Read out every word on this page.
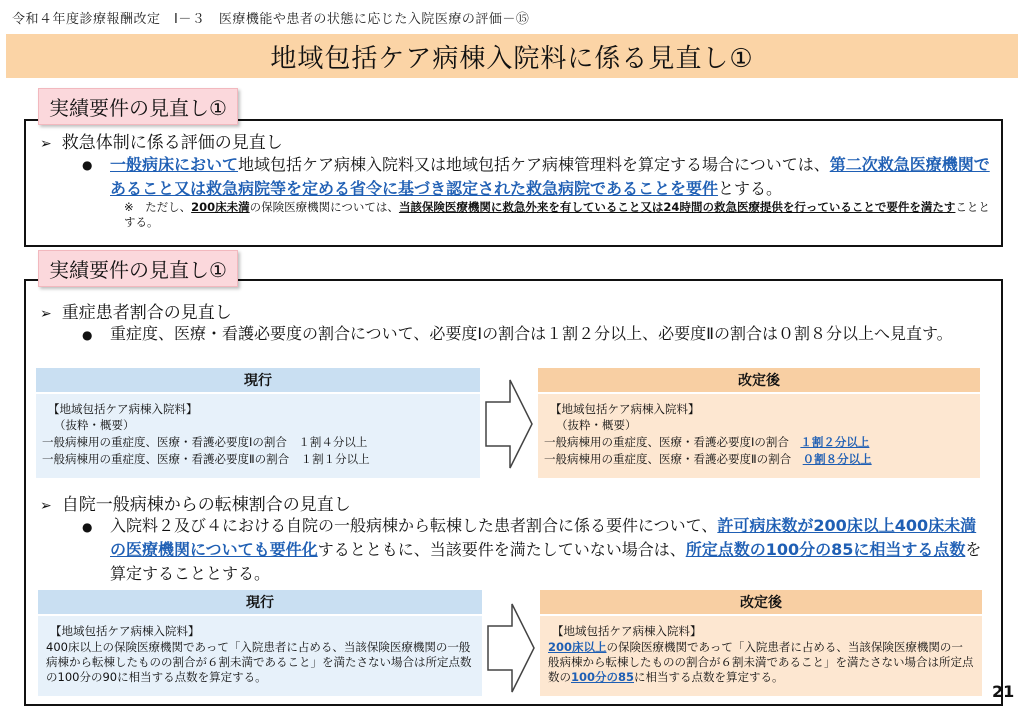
令和４年度診療報酬改定　Ⅰ－３　医療機能や患者の状態に応じた入院医療の評価－⑮
地域包括ケア病棟入院料に係る見直し①
実績要件の見直し①
➢ 救急体制に係る評価の見直し
● 一般病床において地域包括ケア病棟入院料又は地域包括ケア病棟管理料を算定する場合については、第二次救急医療機関であること又は救急病院等を定める省令に基づき認定された救急病院であることを要件とする。
※　ただし、200床未満の保険医療機関については、当該保険医療機関に救急外来を有していること又は24時間の救急医療提供を行っていることで要件を満たすこととする。
実績要件の見直し①
➢ 重症患者割合の見直し
● 重症度、医療・看護必要度の割合について、必要度Ⅰの割合は１割２分以上、必要度Ⅱの割合は０割８分以上へ見直す。
現行
【地域包括ケア病棟入院料】
（抜粋・概要）
一般病棟用の重症度、医療・看護必要度Ⅰの割合　１割４分以上
一般病棟用の重症度、医療・看護必要度Ⅱの割合　１割１分以上
改定後
【地域包括ケア病棟入院料】
（抜粋・概要）
一般病棟用の重症度、医療・看護必要度Ⅰの割合　１割２分以上
一般病棟用の重症度、医療・看護必要度Ⅱの割合　０割８分以上
➢ 自院一般病棟からの転棟割合の見直し
● 入院料２及び４における自院の一般病棟から転棟した患者割合に係る要件について、許可病床数が200床以上400床未満の医療機関についても要件化するとともに、当該要件を満たしていない場合は、所定点数の100分の85に相当する点数を算定することとする。
現行
【地域包括ケア病棟入院料】
400床以上の保険医療機関であって「入院患者に占める、当該保険医療機関の一般病棟から転棟したものの割合が６割未満であること」を満たさない場合は所定点数の100分の90に相当する点数を算定する。
改定後
【地域包括ケア病棟入院料】
200床以上の保険医療機関であって「入院患者に占める、当該保険医療機関の一般病棟から転棟したものの割合が６割未満であること」を満たさない場合は所定点数の100分の85に相当する点数を算定する。
21
